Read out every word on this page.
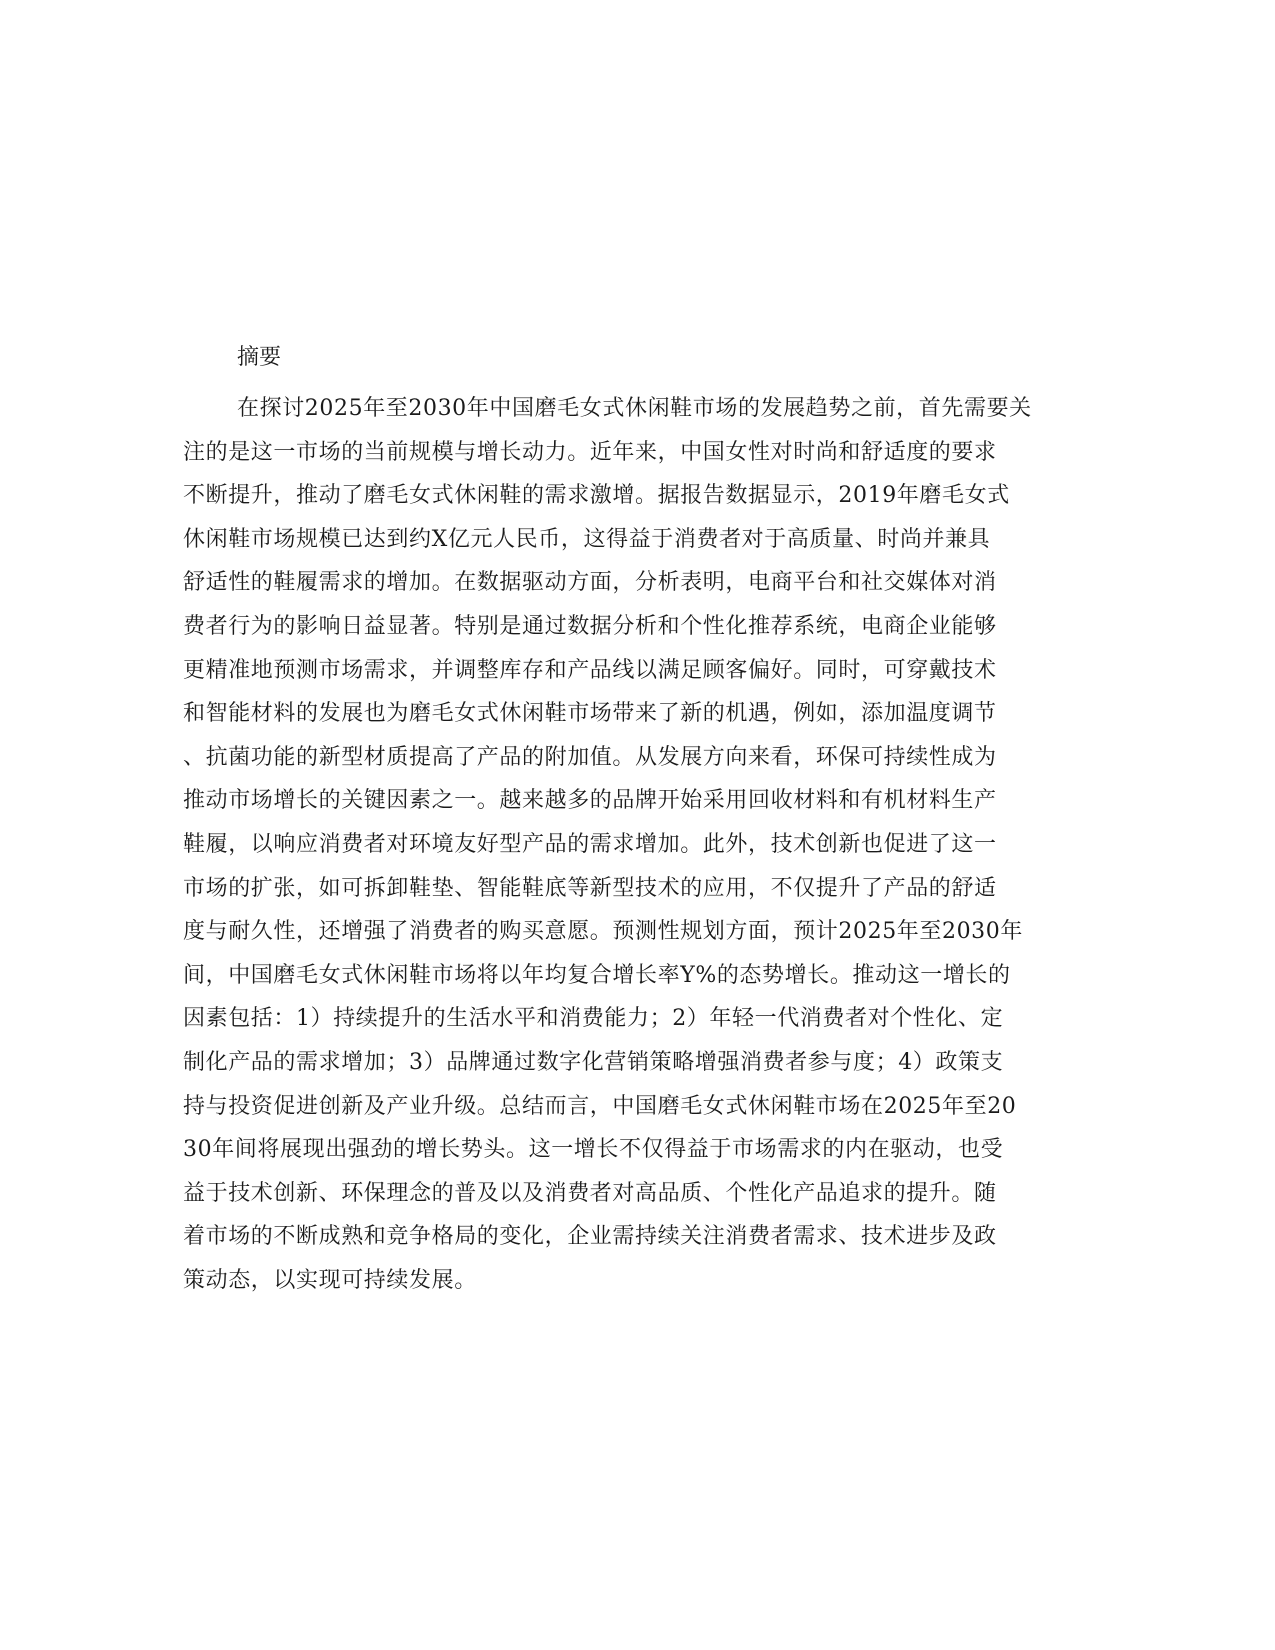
摘要
在探讨2025年至2030年中国磨毛女式休闲鞋市场的发展趋势之前，首先需要关
注的是这一市场的当前规模与增长动力。近年来，中国女性对时尚和舒适度的要求
不断提升，推动了磨毛女式休闲鞋的需求激增。据报告数据显示，2019年磨毛女式
休闲鞋市场规模已达到约X亿元人民币，这得益于消费者对于高质量、时尚并兼具
舒适性的鞋履需求的增加。在数据驱动方面，分析表明，电商平台和社交媒体对消
费者行为的影响日益显著。特别是通过数据分析和个性化推荐系统，电商企业能够
更精准地预测市场需求，并调整库存和产品线以满足顾客偏好。同时，可穿戴技术
和智能材料的发展也为磨毛女式休闲鞋市场带来了新的机遇，例如，添加温度调节
、抗菌功能的新型材质提高了产品的附加值。从发展方向来看，环保可持续性成为
推动市场增长的关键因素之一。越来越多的品牌开始采用回收材料和有机材料生产
鞋履，以响应消费者对环境友好型产品的需求增加。此外，技术创新也促进了这一
市场的扩张，如可拆卸鞋垫、智能鞋底等新型技术的应用，不仅提升了产品的舒适
度与耐久性，还增强了消费者的购买意愿。预测性规划方面，预计2025年至2030年
间，中国磨毛女式休闲鞋市场将以年均复合增长率Y%的态势增长。推动这一增长的
因素包括：1）持续提升的生活水平和消费能力；2）年轻一代消费者对个性化、定
制化产品的需求增加；3）品牌通过数字化营销策略增强消费者参与度；4）政策支
持与投资促进创新及产业升级。总结而言，中国磨毛女式休闲鞋市场在2025年至20
30年间将展现出强劲的增长势头。这一增长不仅得益于市场需求的内在驱动，也受
益于技术创新、环保理念的普及以及消费者对高品质、个性化产品追求的提升。随
着市场的不断成熟和竞争格局的变化，企业需持续关注消费者需求、技术进步及政
策动态，以实现可持续发展。
